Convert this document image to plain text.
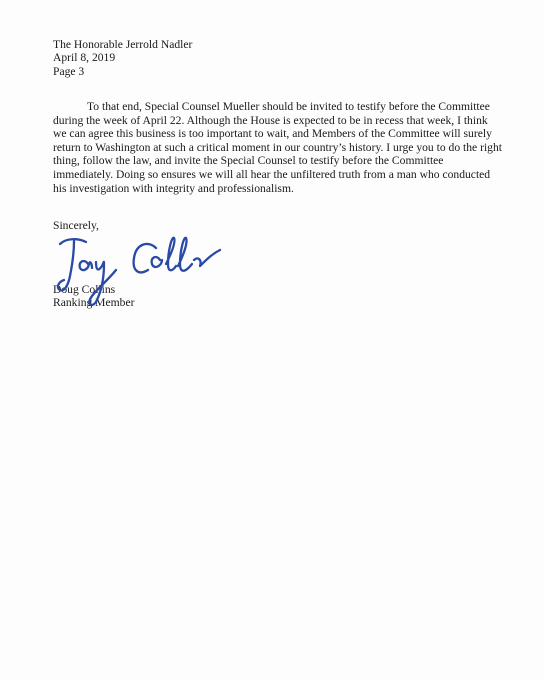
The Honorable Jerrold Nadler
April 8, 2019
Page 3
To that end, Special Counsel Mueller should be invited to testify before the Committee
during the week of April 22. Although the House is expected to be in recess that week, I think
we can agree this business is too important to wait, and Members of the Committee will surely
return to Washington at such a critical moment in our country’s history. I urge you to do the right
thing, follow the law, and invite the Special Counsel to testify before the Committee
immediately. Doing so ensures we will all hear the unfiltered truth from a man who conducted
his investigation with integrity and professionalism.
Sincerely,
Doug Collins
Ranking Member
